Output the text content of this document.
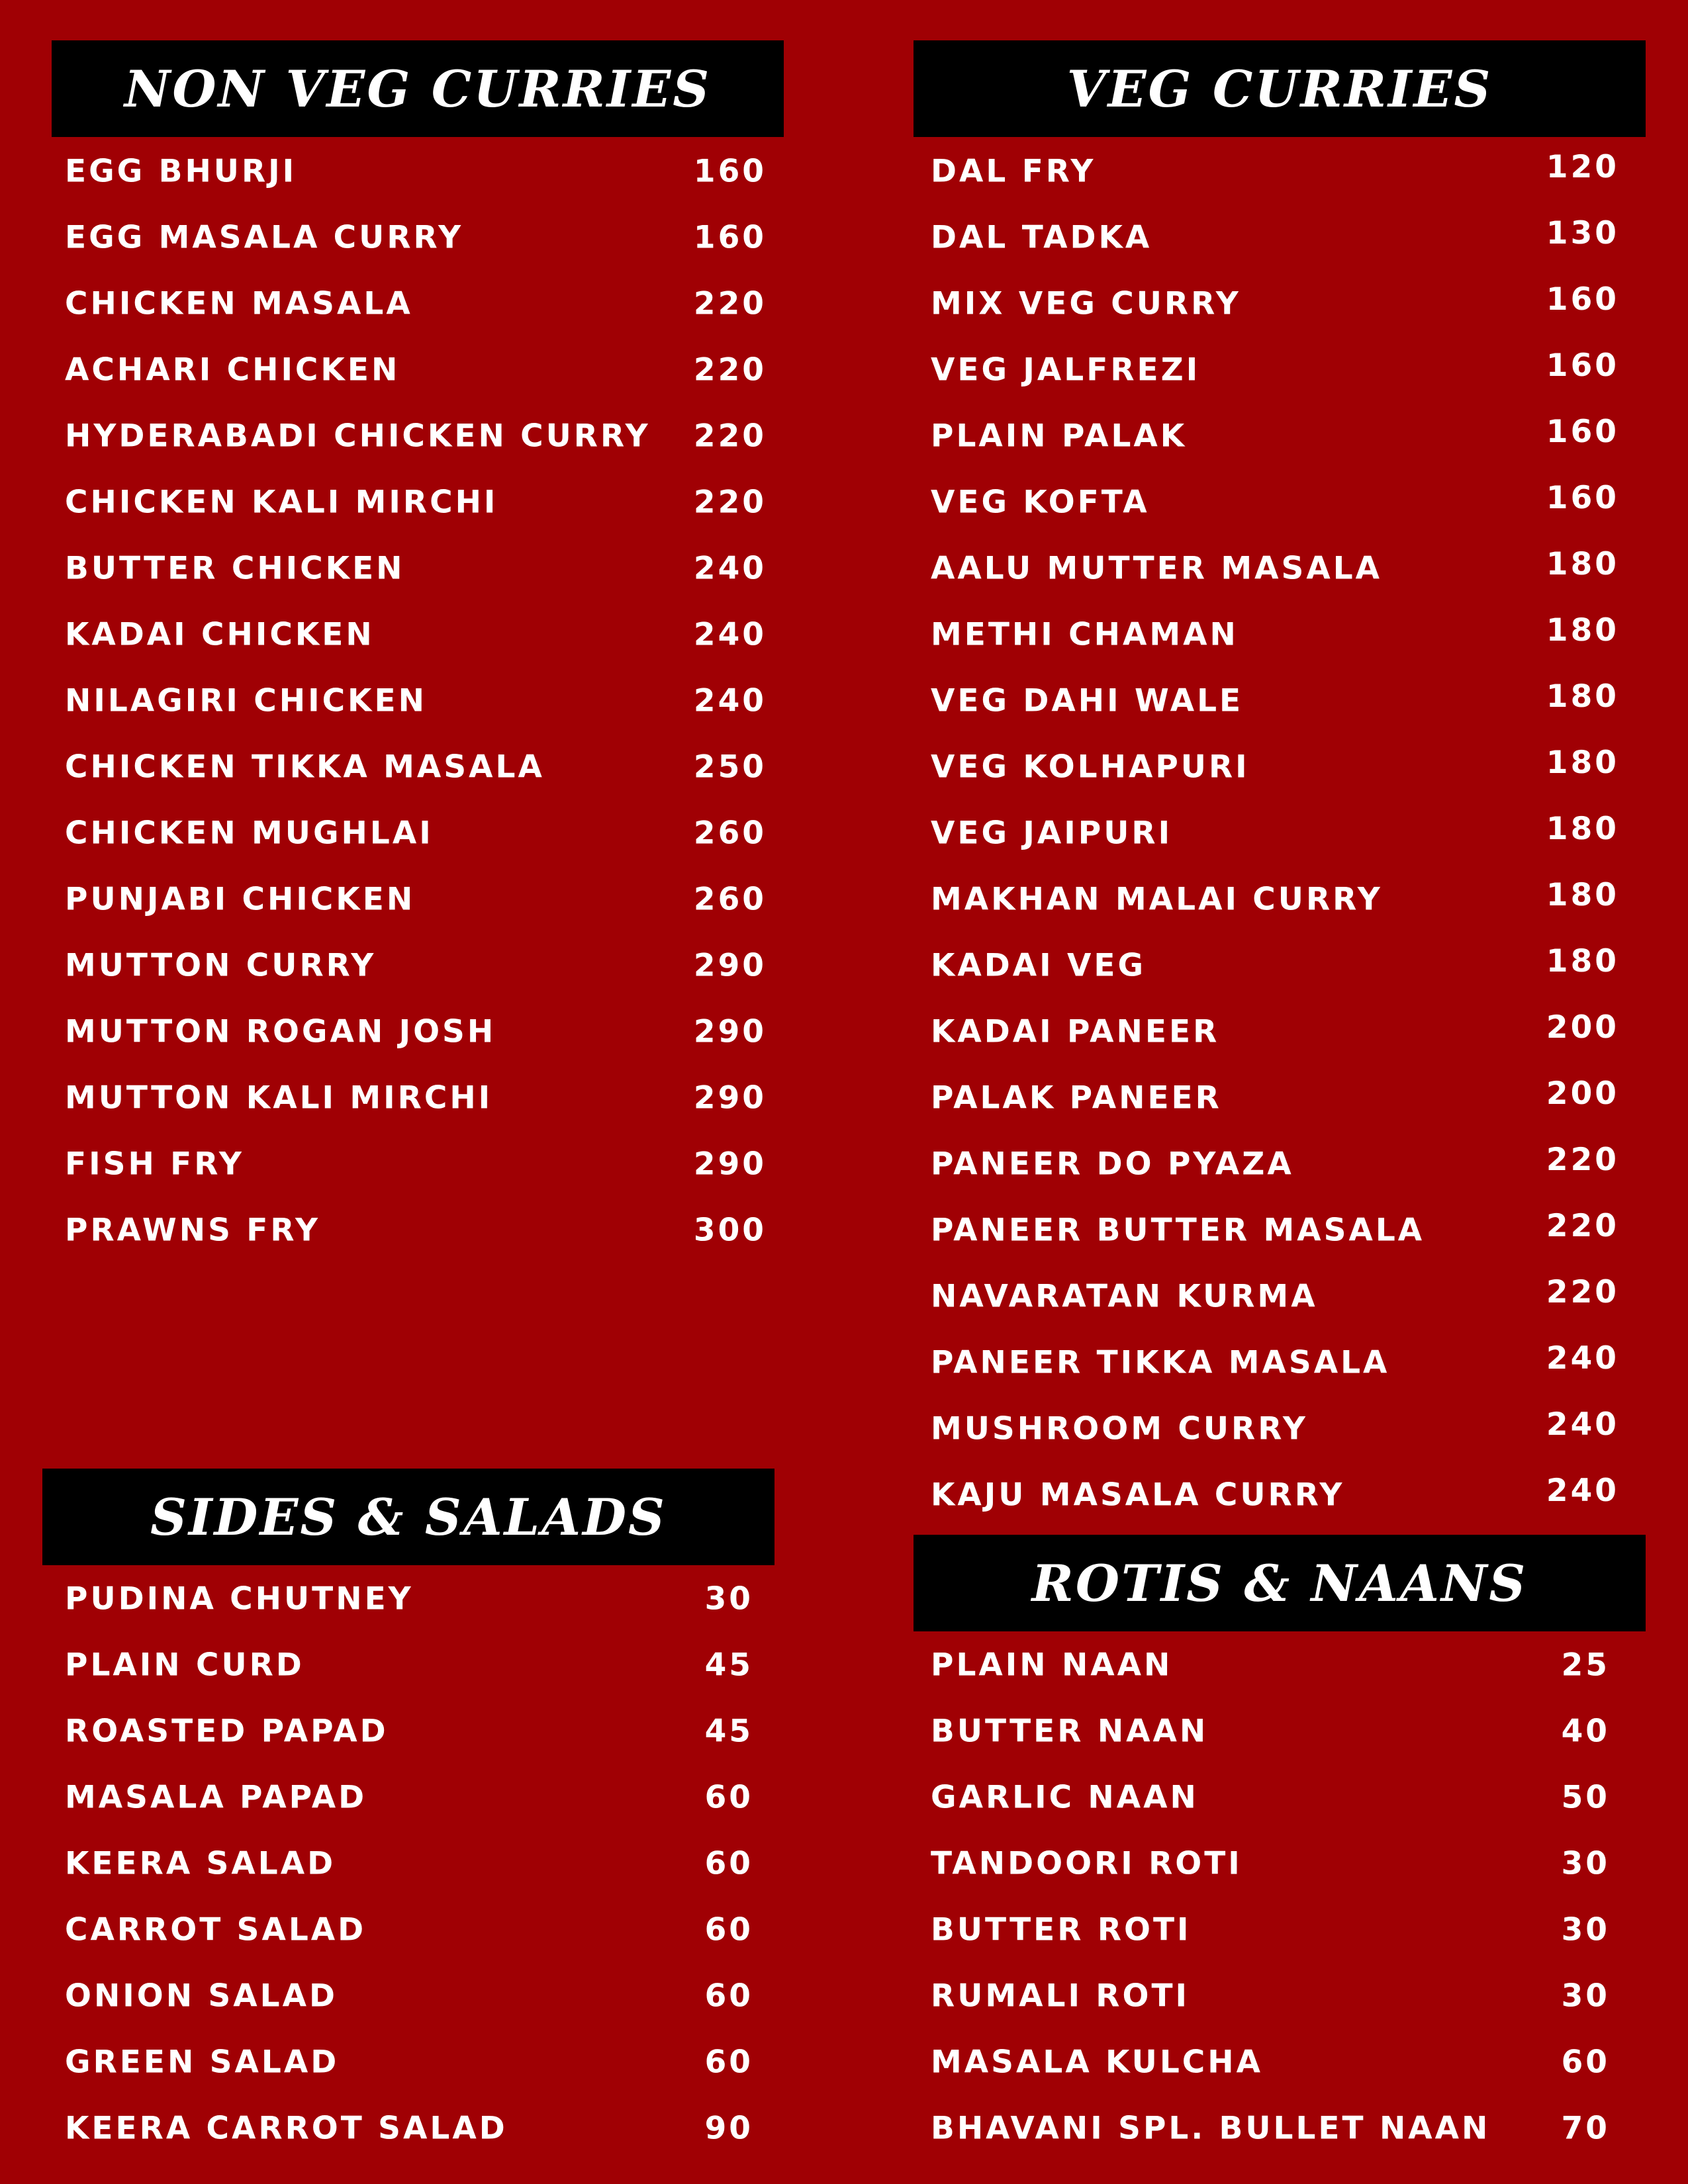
NON VEG CURRIES
EGG BHURJI	160
EGG MASALA CURRY	160
CHICKEN MASALA	220
ACHARI CHICKEN	220
HYDERABADI CHICKEN CURRY 220
CHICKEN KALI MIRCHI	220
BUTTER CHICKEN	240
KADAI CHICKEN	240
NILAGIRI CHICKEN	240
CHICKEN TIKKA MASALA	250
CHICKEN MUGHLAI	260
PUNJABI CHICKEN	260
MUTTON CURRY	290
MUTTON ROGAN JOSH	290
MUTTON KALI MIRCHI	290
FISH FRY	290
PRAWNS FRY	300
VEG CURRIES
DAL FRY	120
DAL TADKA	130
MIX VEG CURRY	160
VEG JALFREZI	160
PLAIN PALAK	160
VEG KOFTA	160
AALU MUTTER MASALA	180
METHI CHAMAN	180
VEG DAHI WALE	180
VEG KOLHAPURI	180
VEG JAIPURI	180
MAKHAN MALAI CURRY	180
KADAI VEG	180
KADAI PANEER	200
PALAK PANEER	200
PANEER DO PYAZA	220
PANEER BUTTER MASALA	220
NAVARATAN KURMA	220
PANEER TIKKA MASALA	240
MUSHROOM CURRY	240
KAJU MASALA CURRY	240
SIDES & SALADS
PUDINA CHUTNEY	30
PLAIN CURD	45
ROASTED PAPAD	45
MASALA PAPAD	60
KEERA SALAD	60
CARROT SALAD	60
ONION SALAD	60
GREEN SALAD	60
KEERA CARROT SALAD	90
ROTIS & NAANS
PLAIN NAAN	25
BUTTER NAAN	40
GARLIC NAAN	50
TANDOORI ROTI	30
BUTTER ROTI	30
RUMALI ROTI	30
MASALA KULCHA	60
BHAVANI SPL. BULLET NAAN 70
